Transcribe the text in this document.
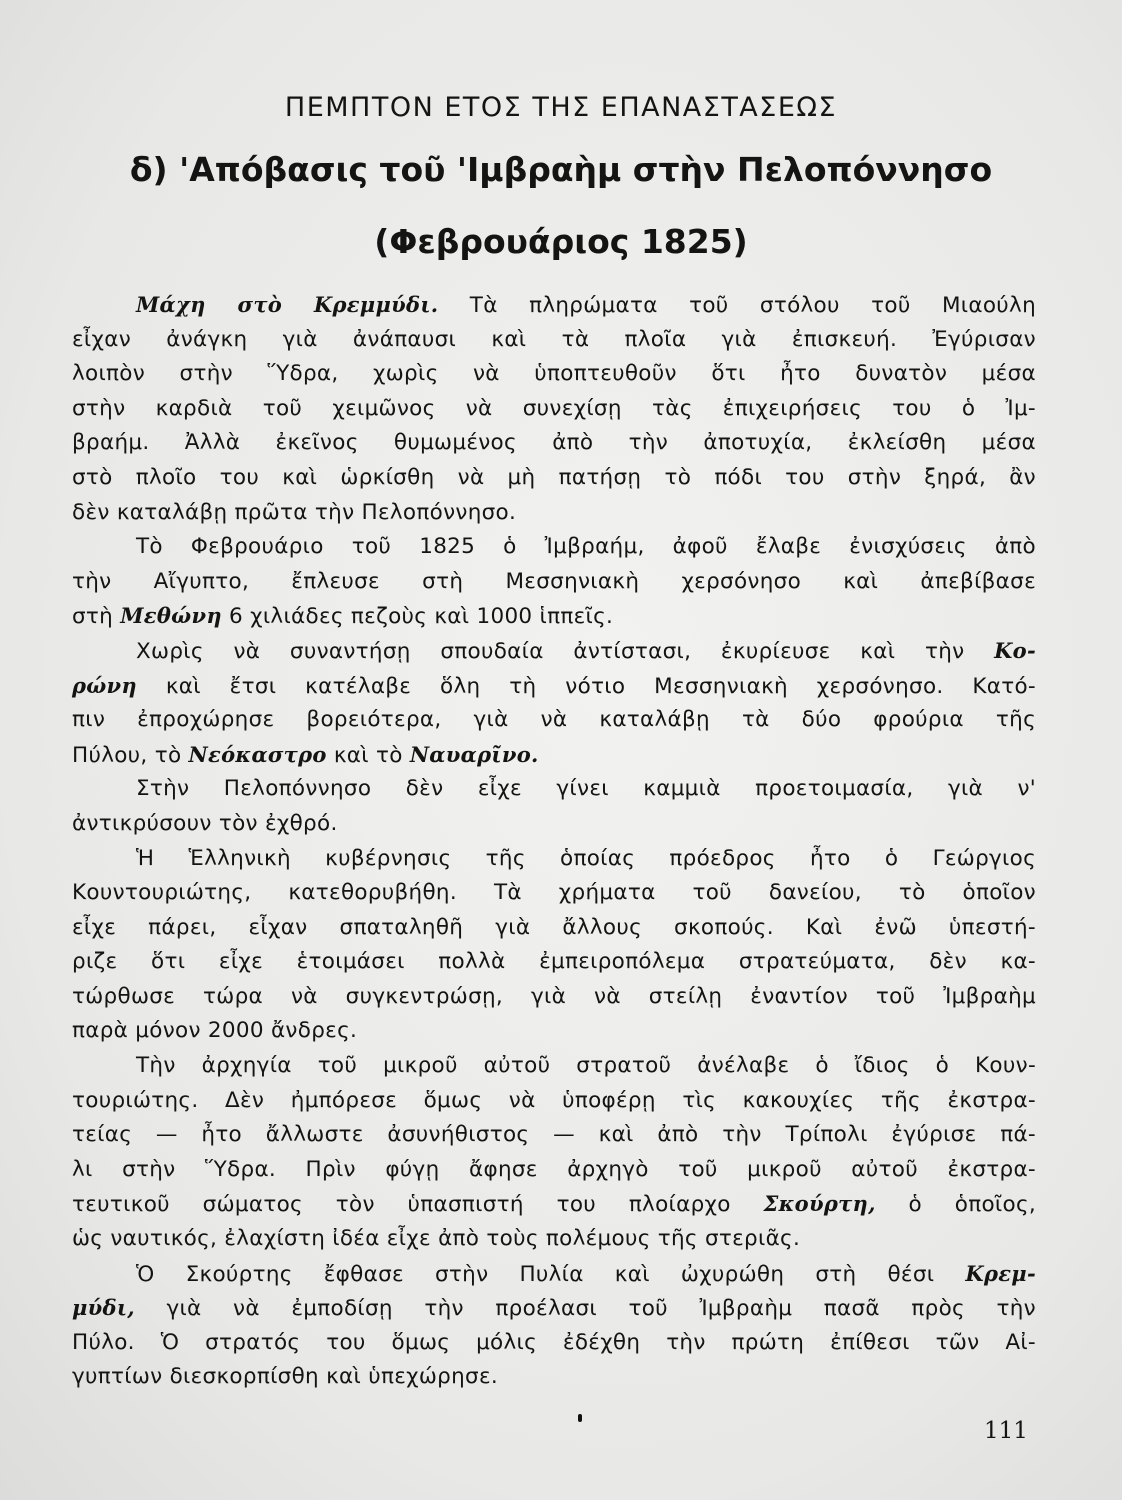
ΠΕΜΠΤΟΝ ΕΤΟΣ ΤΗΣ ΕΠΑΝΑΣΤΑΣΕΩΣ
δ) 'Απόβασις τοῦ 'Ιμβραὴμ στὴν Πελοπόννησο
(Φεβρουάριος 1825)
Μάχη στὸ Κρεμμύδι. Τὰ πληρώματα τοῦ στόλου τοῦ Μιαούλη
εἶχαν ἀνάγκη γιὰ ἀνάπαυσι καὶ τὰ πλοῖα γιὰ ἐπισκευή. Ἐγύρισαν
λοιπὸν στὴν Ὕδρα, χωρὶς νὰ ὑποπτευθοῦν ὅτι ἦτο δυνατὸν μέσα
στὴν καρδιὰ τοῦ χειμῶνος νὰ συνεχίσῃ τὰς ἐπιχειρήσεις του ὁ Ἰμ-
βραήμ. Ἀλλὰ ἐκεῖνος θυμωμένος ἀπὸ τὴν ἀποτυχία, ἐκλείσθη μέσα
στὸ πλοῖο του καὶ ὡρκίσθη νὰ μὴ πατήσῃ τὸ πόδι του στὴν ξηρά, ἂν
δὲν καταλάβῃ πρῶτα τὴν Πελοπόννησο.
Τὸ Φεβρουάριο τοῦ 1825 ὁ Ἰμβραήμ, ἀφοῦ ἔλαβε ἐνισχύσεις ἀπὸ
τὴν Αἴγυπτο, ἔπλευσε στὴ Μεσσηνιακὴ χερσόνησο καὶ ἀπεβίβασε
στὴ Μεθώνη 6 χιλιάδες πεζοὺς καὶ 1000 ἱππεῖς.
Χωρὶς νὰ συναντήσῃ σπουδαία ἀντίστασι, ἐκυρίευσε καὶ τὴν Κο-
ρώνη καὶ ἔτσι κατέλαβε ὅλη τὴ νότιο Μεσσηνιακὴ χερσόνησο. Κατό-
πιν ἐπροχώρησε βορειότερα, γιὰ νὰ καταλάβῃ τὰ δύο φρούρια τῆς
Πύλου, τὸ Νεόκαστρο καὶ τὸ Ναυαρῖνο.
Στὴν Πελοπόννησο δὲν εἶχε γίνει καμμιὰ προετοιμασία, γιὰ ν'
ἀντικρύσουν τὸν ἐχθρό.
Ἡ Ἑλληνικὴ κυβέρνησις τῆς ὁποίας πρόεδρος ἦτο ὁ Γεώργιος
Κουντουριώτης, κατεθορυβήθη. Τὰ χρήματα τοῦ δανείου, τὸ ὁποῖον
εἶχε πάρει, εἶχαν σπαταληθῆ γιὰ ἄλλους σκοπούς. Καὶ ἐνῶ ὑπεστή-
ριζε ὅτι εἶχε ἑτοιμάσει πολλὰ ἐμπειροπόλεμα στρατεύματα, δὲν κα-
τώρθωσε τώρα νὰ συγκεντρώσῃ, γιὰ νὰ στείλῃ ἐναντίον τοῦ Ἰμβραὴμ
παρὰ μόνον 2000 ἄνδρες.
Τὴν ἀρχηγία τοῦ μικροῦ αὐτοῦ στρατοῦ ἀνέλαβε ὁ ἴδιος ὁ Κουν-
τουριώτης. Δὲν ἠμπόρεσε ὅμως νὰ ὑποφέρῃ τὶς κακουχίες τῆς ἐκστρα-
τείας — ἦτο ἄλλωστε ἀσυνήθιστος — καὶ ἀπὸ τὴν Τρίπολι ἐγύρισε πά-
λι στὴν Ὕδρα. Πρὶν φύγῃ ἄφησε ἀρχηγὸ τοῦ μικροῦ αὐτοῦ ἐκστρα-
τευτικοῦ σώματος τὸν ὑπασπιστή του πλοίαρχο Σκούρτη, ὁ ὁποῖος,
ὡς ναυτικός, ἐλαχίστη ἰδέα εἶχε ἀπὸ τοὺς πολέμους τῆς στεριᾶς.
Ὁ Σκούρτης ἔφθασε στὴν Πυλία καὶ ὠχυρώθη στὴ θέσι Κρεμ-
μύδι, γιὰ νὰ ἐμποδίσῃ τὴν προέλασι τοῦ Ἰμβραὴμ πασᾶ πρὸς τὴν
Πύλο. Ὁ στρατός του ὅμως μόλις ἐδέχθη τὴν πρώτη ἐπίθεσι τῶν Αἰ-
γυπτίων διεσκορπίσθη καὶ ὑπεχώρησε.
111
